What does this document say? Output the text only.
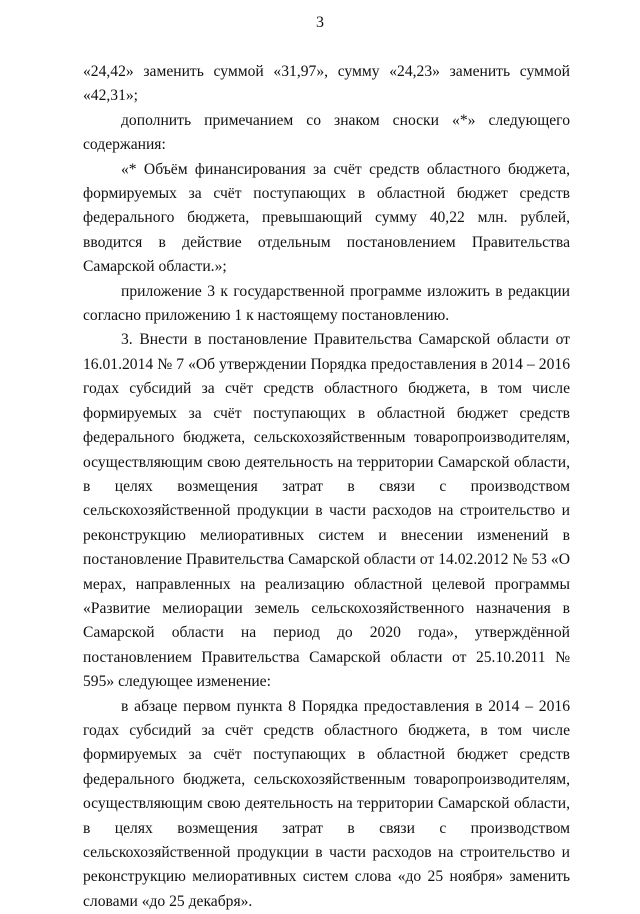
3

«24,42» заменить суммой «31,97», сумму «24,23» заменить суммой «42,31»;

дополнить примечанием со знаком сноски «*» следующего содержания:

«* Объём финансирования за счёт средств областного бюджета, формируемых за счёт поступающих в областной бюджет средств федерального бюджета, превышающий сумму 40,22 млн. рублей, вводится в действие отдельным постановлением Правительства Самарской области.»;

приложение 3 к государственной программе изложить в редакции согласно приложению 1 к настоящему постановлению.

3. Внести в постановление Правительства Самарской области от 16.01.2014 № 7 «Об утверждении Порядка предоставления в 2014 – 2016 годах субсидий за счёт средств областного бюджета, в том числе формируемых за счёт поступающих в областной бюджет средств федерального бюджета, сельскохозяйственным товаропроизводителям, осуществляющим свою деятельность на территории Самарской области, в целях возмещения затрат в связи с производством сельскохозяйственной продукции в части расходов на строительство и реконструкцию мелиоративных систем и внесении изменений в постановление Правительства Самарской области от 14.02.2012 № 53 «О мерах, направленных на реализацию областной целевой программы «Развитие мелиорации земель сельскохозяйственного назначения в Самарской области на период до 2020 года», утверждённой постановлением Правительства Самарской области от 25.10.2011 № 595» следующее изменение:

в абзаце первом пункта 8 Порядка предоставления в 2014 – 2016 годах субсидий за счёт средств областного бюджета, в том числе формируемых за счёт поступающих в областной бюджет средств федерального бюджета, сельскохозяйственным товаропроизводителям, осуществляющим свою деятельность на территории Самарской области, в целях возмещения затрат в связи с производством сельскохозяйственной продукции в части расходов на строительство и реконструкцию мелиоративных систем слова «до 25 ноября» заменить словами «до 25 декабря».
